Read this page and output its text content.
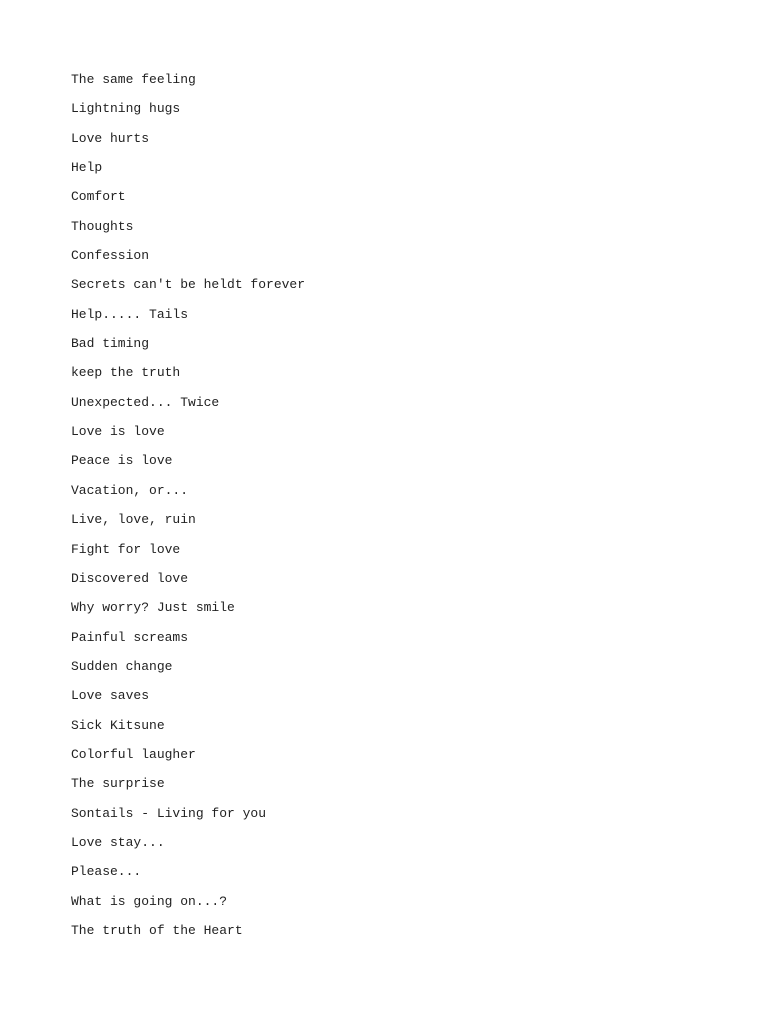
The same feeling
Lightning hugs
Love hurts
Help
Comfort
Thoughts
Confession
Secrets can't be heldt forever
Help..... Tails
Bad timing
keep the truth
Unexpected... Twice
Love is love
Peace is love
Vacation, or...
Live, love, ruin
Fight for love
Discovered love
Why worry? Just smile
Painful screams
Sudden change
Love saves
Sick Kitsune
Colorful laugher
The surprise
Sontails - Living for you
Love stay...
Please...
What is going on...?
The truth of the Heart
